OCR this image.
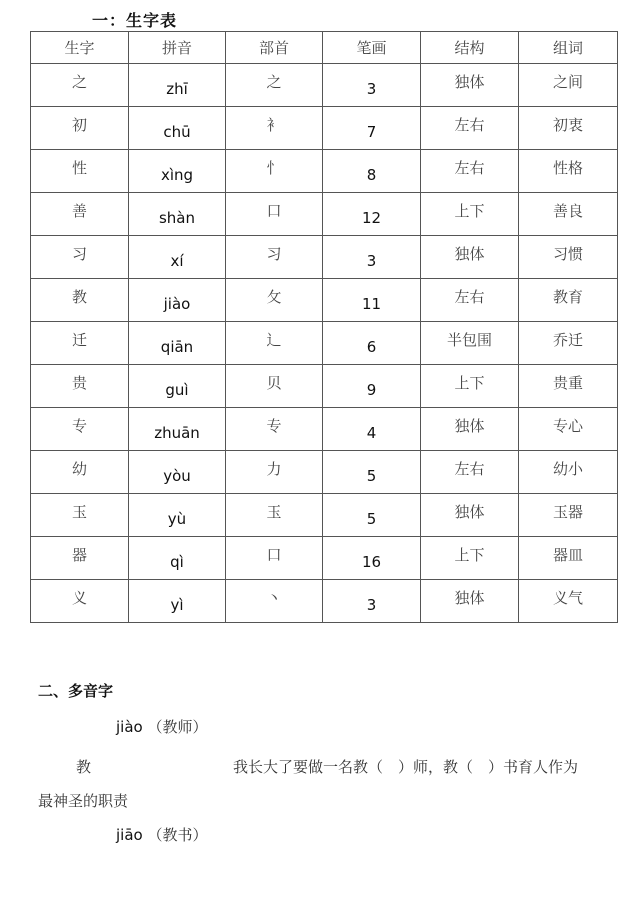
一：生字表
生字	拼音	部首	笔画	结构	组词
之	zhī	之	3	独体	之间
初	chū	衤	7	左右	初衷
性	xìng	忄	8	左右	性格
善	shàn	口	12	上下	善良
习	xí	习	3	独体	习惯
教	jiào	攵	11	左右	教育
迁	qiān	辶	6	半包围	乔迁
贵	guì	贝	9	上下	贵重
专	zhuān	专	4	独体	专心
幼	yòu	力	5	左右	幼小
玉	yù	玉	5	独体	玉器
器	qì	口	16	上下	器皿
义	yì	丶	3	独体	义气
二、多音字
jiào （教师）
教	我长大了要做一名教（　）师，教（　）书育人作为
最神圣的职责
jiāo （教书）
